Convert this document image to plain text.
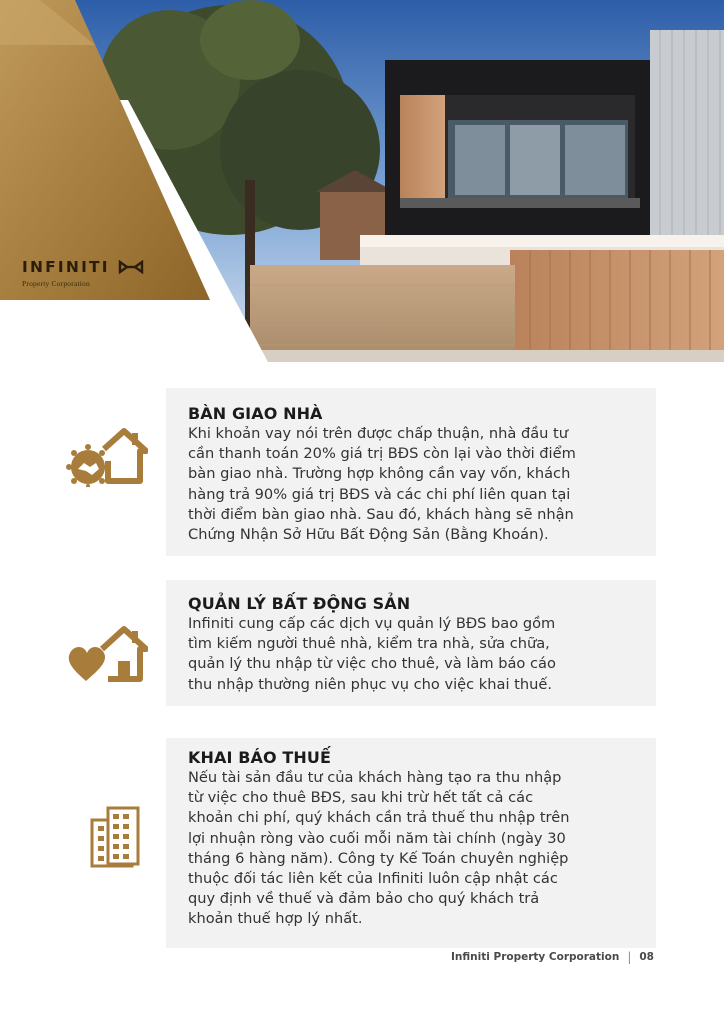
INFINITI
Property Corporation

BÀN GIAO NHÀ

Khi khoản vay nói trên được chấp thuận, nhà đầu tư
cần thanh toán 20% giá trị BĐS còn lại vào thời điểm
bàn giao nhà. Trường hợp không cần vay vốn, khách
hàng trả 90% giá trị BĐS và các chi phí liên quan tại
thời điểm bàn giao nhà. Sau đó, khách hàng sẽ nhận
Chứng Nhận Sở Hữu Bất Động Sản (Bằng Khoán).

QUẢN LÝ BẤT ĐỘNG SẢN

Infiniti cung cấp các dịch vụ quản lý BĐS bao gồm
tìm kiếm người thuê nhà, kiểm tra nhà, sửa chữa,
quản lý thu nhập từ việc cho thuê, và làm báo cáo
thu nhập thường niên phục vụ cho việc khai thuế.

KHAI BÁO THUẾ

Nếu tài sản đầu tư của khách hàng tạo ra thu nhập
từ việc cho thuê BĐS, sau khi trừ hết tất cả các
khoản chi phí, quý khách cần trả thuế thu nhập trên
lợi nhuận ròng vào cuối mỗi năm tài chính (ngày 30
tháng 6 hàng năm). Công ty Kế Toán chuyên nghiệp
thuộc đối tác liên kết của Infiniti luôn cập nhật các
quy định về thuế và đảm bảo cho quý khách trả
khoản thuế hợp lý nhất.
Infiniti Property Corporation | 08
